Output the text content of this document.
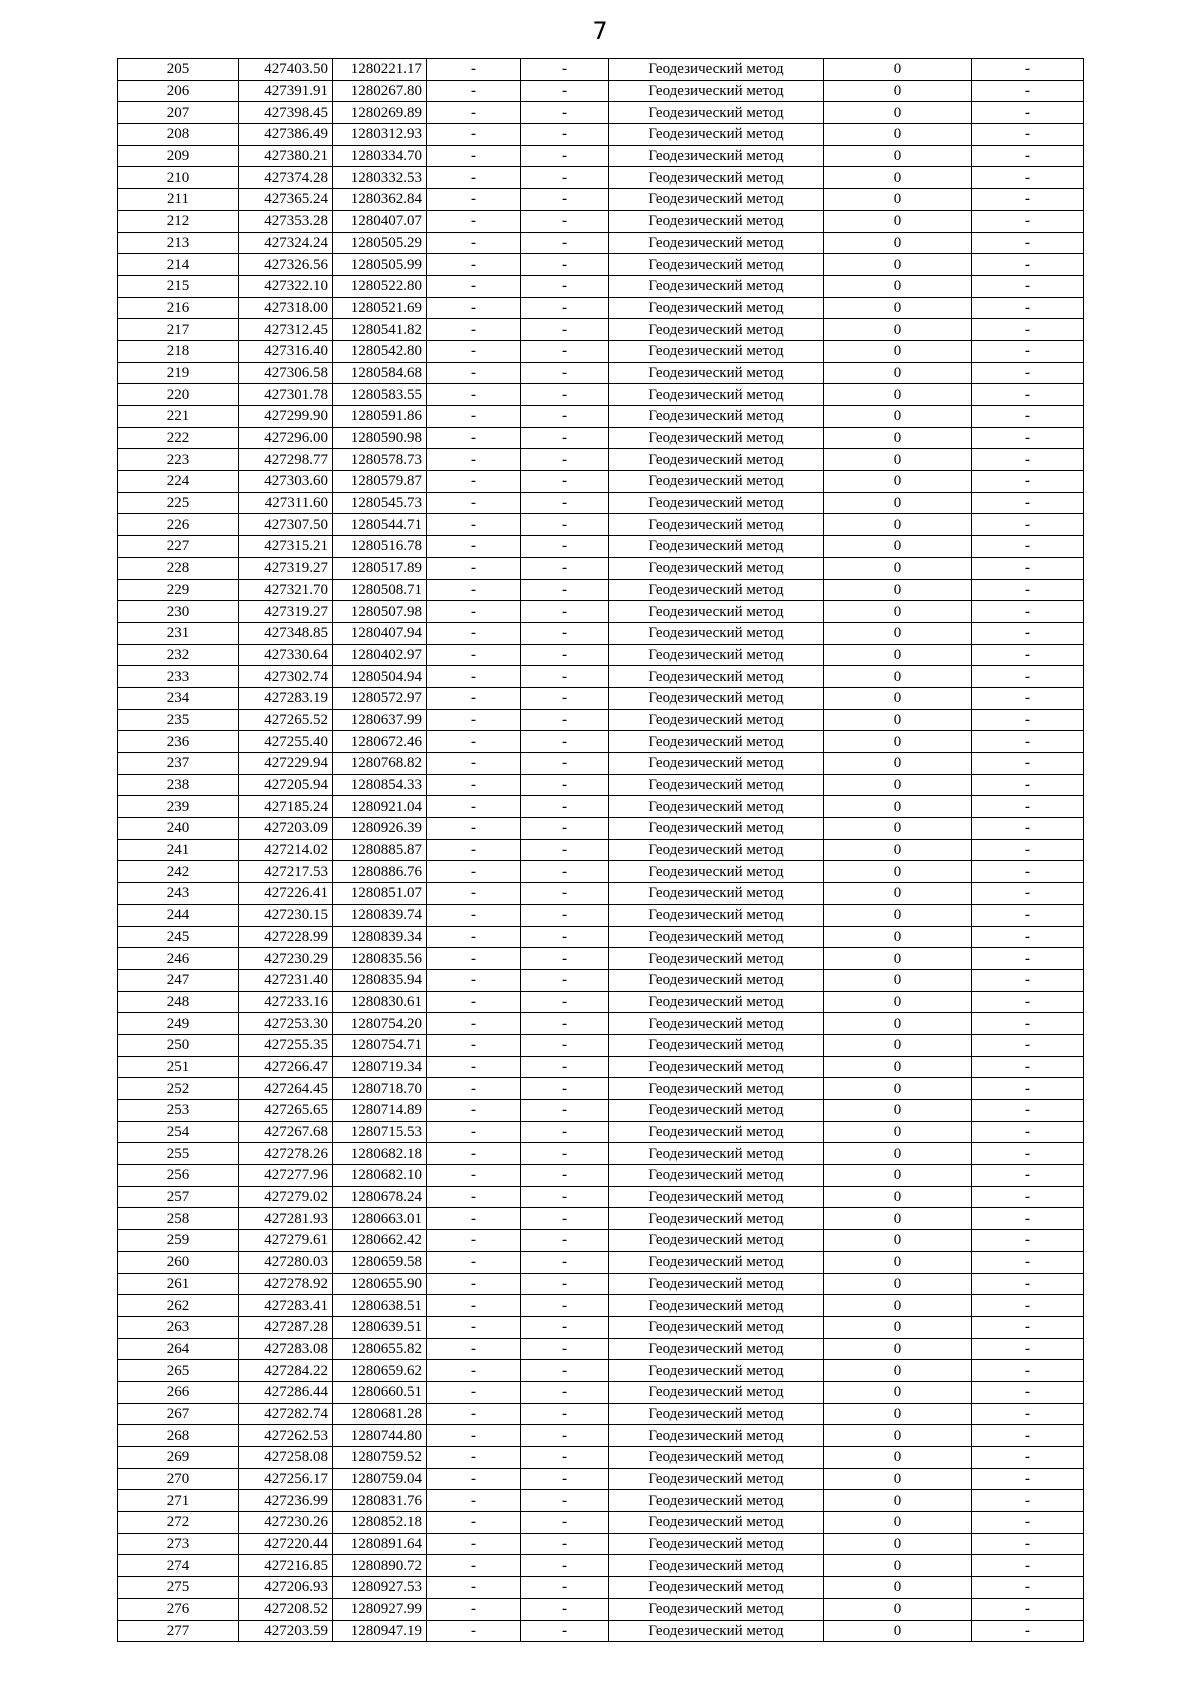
7
205	427403.50	1280221.17	-	-	Геодезический метод	0	-
206	427391.91	1280267.80	-	-	Геодезический метод	0	-
207	427398.45	1280269.89	-	-	Геодезический метод	0	-
208	427386.49	1280312.93	-	-	Геодезический метод	0	-
209	427380.21	1280334.70	-	-	Геодезический метод	0	-
210	427374.28	1280332.53	-	-	Геодезический метод	0	-
211	427365.24	1280362.84	-	-	Геодезический метод	0	-
212	427353.28	1280407.07	-	-	Геодезический метод	0	-
213	427324.24	1280505.29	-	-	Геодезический метод	0	-
214	427326.56	1280505.99	-	-	Геодезический метод	0	-
215	427322.10	1280522.80	-	-	Геодезический метод	0	-
216	427318.00	1280521.69	-	-	Геодезический метод	0	-
217	427312.45	1280541.82	-	-	Геодезический метод	0	-
218	427316.40	1280542.80	-	-	Геодезический метод	0	-
219	427306.58	1280584.68	-	-	Геодезический метод	0	-
220	427301.78	1280583.55	-	-	Геодезический метод	0	-
221	427299.90	1280591.86	-	-	Геодезический метод	0	-
222	427296.00	1280590.98	-	-	Геодезический метод	0	-
223	427298.77	1280578.73	-	-	Геодезический метод	0	-
224	427303.60	1280579.87	-	-	Геодезический метод	0	-
225	427311.60	1280545.73	-	-	Геодезический метод	0	-
226	427307.50	1280544.71	-	-	Геодезический метод	0	-
227	427315.21	1280516.78	-	-	Геодезический метод	0	-
228	427319.27	1280517.89	-	-	Геодезический метод	0	-
229	427321.70	1280508.71	-	-	Геодезический метод	0	-
230	427319.27	1280507.98	-	-	Геодезический метод	0	-
231	427348.85	1280407.94	-	-	Геодезический метод	0	-
232	427330.64	1280402.97	-	-	Геодезический метод	0	-
233	427302.74	1280504.94	-	-	Геодезический метод	0	-
234	427283.19	1280572.97	-	-	Геодезический метод	0	-
235	427265.52	1280637.99	-	-	Геодезический метод	0	-
236	427255.40	1280672.46	-	-	Геодезический метод	0	-
237	427229.94	1280768.82	-	-	Геодезический метод	0	-
238	427205.94	1280854.33	-	-	Геодезический метод	0	-
239	427185.24	1280921.04	-	-	Геодезический метод	0	-
240	427203.09	1280926.39	-	-	Геодезический метод	0	-
241	427214.02	1280885.87	-	-	Геодезический метод	0	-
242	427217.53	1280886.76	-	-	Геодезический метод	0	-
243	427226.41	1280851.07	-	-	Геодезический метод	0	-
244	427230.15	1280839.74	-	-	Геодезический метод	0	-
245	427228.99	1280839.34	-	-	Геодезический метод	0	-
246	427230.29	1280835.56	-	-	Геодезический метод	0	-
247	427231.40	1280835.94	-	-	Геодезический метод	0	-
248	427233.16	1280830.61	-	-	Геодезический метод	0	-
249	427253.30	1280754.20	-	-	Геодезический метод	0	-
250	427255.35	1280754.71	-	-	Геодезический метод	0	-
251	427266.47	1280719.34	-	-	Геодезический метод	0	-
252	427264.45	1280718.70	-	-	Геодезический метод	0	-
253	427265.65	1280714.89	-	-	Геодезический метод	0	-
254	427267.68	1280715.53	-	-	Геодезический метод	0	-
255	427278.26	1280682.18	-	-	Геодезический метод	0	-
256	427277.96	1280682.10	-	-	Геодезический метод	0	-
257	427279.02	1280678.24	-	-	Геодезический метод	0	-
258	427281.93	1280663.01	-	-	Геодезический метод	0	-
259	427279.61	1280662.42	-	-	Геодезический метод	0	-
260	427280.03	1280659.58	-	-	Геодезический метод	0	-
261	427278.92	1280655.90	-	-	Геодезический метод	0	-
262	427283.41	1280638.51	-	-	Геодезический метод	0	-
263	427287.28	1280639.51	-	-	Геодезический метод	0	-
264	427283.08	1280655.82	-	-	Геодезический метод	0	-
265	427284.22	1280659.62	-	-	Геодезический метод	0	-
266	427286.44	1280660.51	-	-	Геодезический метод	0	-
267	427282.74	1280681.28	-	-	Геодезический метод	0	-
268	427262.53	1280744.80	-	-	Геодезический метод	0	-
269	427258.08	1280759.52	-	-	Геодезический метод	0	-
270	427256.17	1280759.04	-	-	Геодезический метод	0	-
271	427236.99	1280831.76	-	-	Геодезический метод	0	-
272	427230.26	1280852.18	-	-	Геодезический метод	0	-
273	427220.44	1280891.64	-	-	Геодезический метод	0	-
274	427216.85	1280890.72	-	-	Геодезический метод	0	-
275	427206.93	1280927.53	-	-	Геодезический метод	0	-
276	427208.52	1280927.99	-	-	Геодезический метод	0	-
277	427203.59	1280947.19	-	-	Геодезический метод	0	-
